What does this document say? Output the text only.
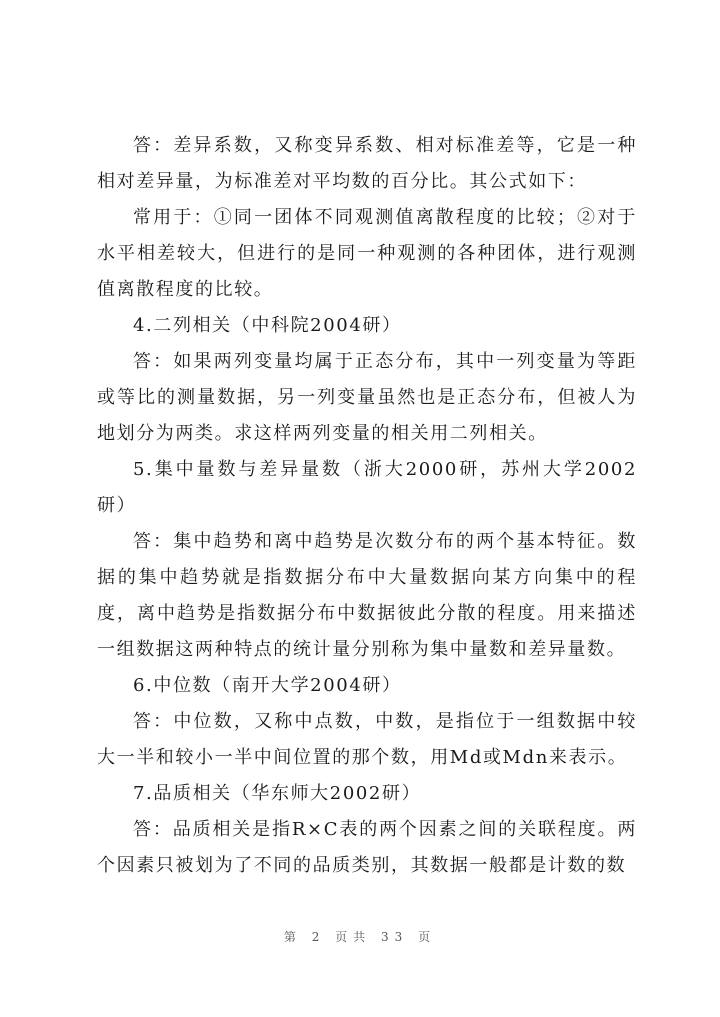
答：差异系数，又称变异系数、相对标准差等，它是一种相对差异量，为标准差对平均数的百分比。其公式如下：

常用于：①同一团体不同观测值离散程度的比较；②对于水平相差较大，但进行的是同一种观测的各种团体，进行观测值离散程度的比较。

4.二列相关（中科院2004研）

答：如果两列变量均属于正态分布，其中一列变量为等距或等比的测量数据，另一列变量虽然也是正态分布，但被人为地划分为两类。求这样两列变量的相关用二列相关。

5.集中量数与差异量数（浙大2000研，苏州大学2002研）

答：集中趋势和离中趋势是次数分布的两个基本特征。数据的集中趋势就是指数据分布中大量数据向某方向集中的程度，离中趋势是指数据分布中数据彼此分散的程度。用来描述一组数据这两种特点的统计量分别称为集中量数和差异量数。

6.中位数（南开大学2004研）

答：中位数，又称中点数，中数，是指位于一组数据中较大一半和较小一半中间位置的那个数，用Md或Mdn来表示。

7.品质相关（华东师大2002研）

答：品质相关是指R×C表的两个因素之间的关联程度。两个因素只被划为了不同的品质类别，其数据一般都是计数的数

第 2 页共 33 页
